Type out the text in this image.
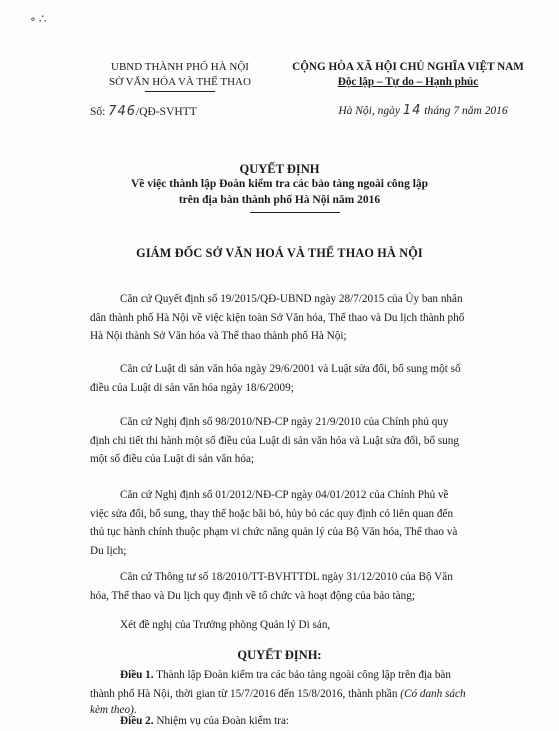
∘ ∴
UBND THÀNH PHỐ HÀ NỘI
SỞ VĂN HÓA VÀ THỂ THAO
Số: 746/QĐ-SVHTT
CỘNG HÒA XÃ HỘI CHỦ NGHĨA VIỆT NAM
Độc lập – Tự do – Hạnh phúc
Hà Nội, ngày 14 tháng 7 năm 2016
QUYẾT ĐỊNH
Về việc thành lập Đoàn kiểm tra các bảo tàng ngoài công lập
trên địa bàn thành phố Hà Nội năm 2016
GIÁM ĐỐC SỞ VĂN HOÁ VÀ THỂ THAO HÀ NỘI
Căn cứ Quyết định số 19/2015/QĐ-UBND ngày 28/7/2015 của Ủy ban nhân
dân thành phố Hà Nội về việc kiện toàn Sở Văn hóa, Thể thao và Du lịch thành phố
Hà Nội thành Sở Văn hóa và Thể thao thành phố Hà Nội;
Căn cứ Luật di sản văn hóa ngày 29/6/2001 và Luật sửa đổi, bổ sung một số
điều của Luật di sản văn hóa ngày 18/6/2009;
Căn cứ Nghị định số 98/2010/NĐ-CP ngày 21/9/2010 của Chính phủ quy
định chi tiết thi hành một số điều của Luật di sản văn hóa và Luật sửa đổi, bổ sung
một số điều của Luật di sản văn hóa;
Căn cứ Nghị định số 01/2012/NĐ-CP ngày 04/01/2012 của Chính Phủ về
việc sửa đổi, bổ sung, thay thế hoặc bãi bỏ, hủy bỏ các quy định có liên quan đến
thủ tục hành chính thuộc phạm vi chức năng quản lý của Bộ Văn hóa, Thể thao và
Du lịch;
Căn cứ Thông tư số 18/2010/TT-BVHTTDL ngày 31/12/2010 của Bộ Văn
hóa, Thể thao và Du lịch quy định về tổ chức và hoạt động của bảo tàng;
Xét đề nghị của Trưởng phòng Quản lý Di sản,
QUYẾT ĐỊNH:
Điều 1. Thành lập Đoàn kiểm tra các bảo tàng ngoài công lập trên địa bàn
thành phố Hà Nội, thời gian từ 15/7/2016 đến 15/8/2016, thành phần (Có danh sách
kèm theo).
Điều 2. Nhiệm vụ của Đoàn kiểm tra:
